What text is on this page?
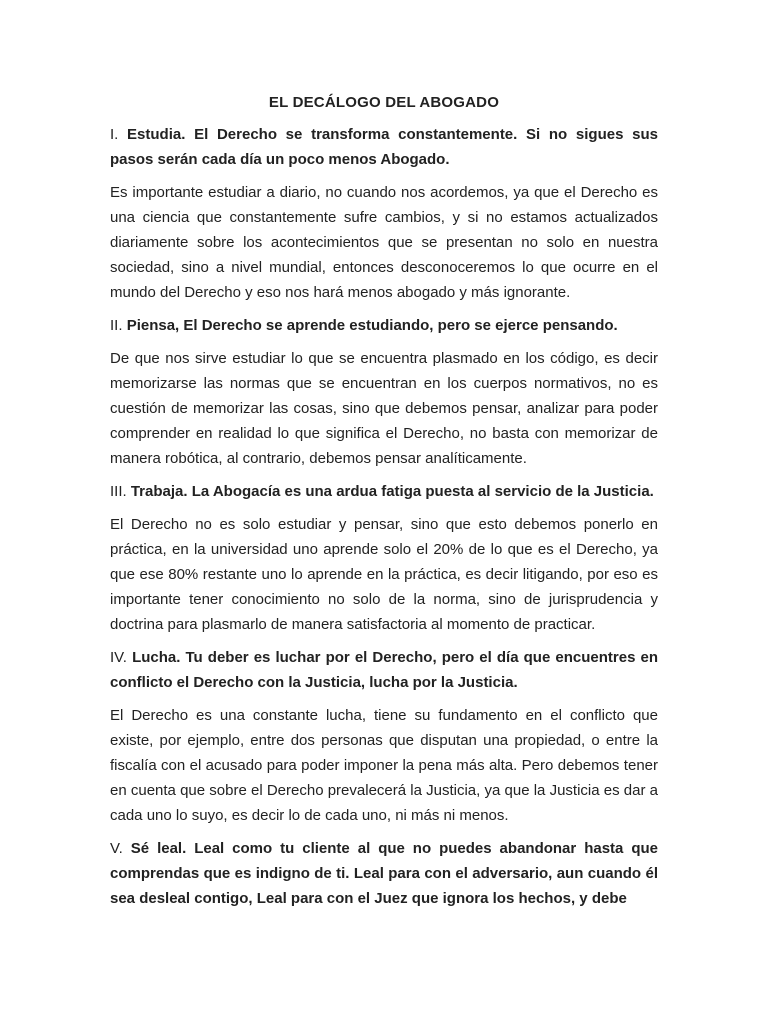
EL DECÁLOGO DEL ABOGADO
I. Estudia. El Derecho se transforma constantemente. Si no sigues sus pasos serán cada día un poco menos Abogado.
Es importante estudiar a diario, no cuando nos acordemos, ya que el Derecho es una ciencia que constantemente sufre cambios, y si no estamos actualizados diariamente sobre los acontecimientos que se presentan no solo en nuestra sociedad, sino a nivel mundial, entonces desconoceremos lo que ocurre en el mundo del Derecho y eso nos hará menos abogado y más ignorante.
II. Piensa, El Derecho se aprende estudiando, pero se ejerce pensando.
De que nos sirve estudiar lo que se encuentra plasmado en los código, es decir memorizarse las normas que se encuentran en los cuerpos normativos, no es cuestión de memorizar las cosas, sino que debemos pensar, analizar para poder comprender en realidad lo que significa el Derecho, no basta con memorizar de manera robótica, al contrario, debemos pensar analíticamente.
III. Trabaja. La Abogacía es una ardua fatiga puesta al servicio de la Justicia.
El Derecho no es solo estudiar y pensar, sino que esto debemos ponerlo en práctica, en la universidad uno aprende solo el 20% de lo que es el Derecho, ya que ese 80% restante uno lo aprende en la práctica, es decir litigando, por eso es importante tener conocimiento no solo de la norma, sino de jurisprudencia y doctrina para plasmarlo de manera satisfactoria al momento de practicar.
IV. Lucha. Tu deber es luchar por el Derecho, pero el día que encuentres en conflicto el Derecho con la Justicia, lucha por la Justicia.
El Derecho es una constante lucha, tiene su fundamento en el conflicto que existe, por ejemplo, entre dos personas que disputan una propiedad, o entre la fiscalía con el acusado para poder imponer la pena más alta. Pero debemos tener en cuenta que sobre el Derecho prevalecerá la Justicia, ya que la Justicia es dar a cada uno lo suyo, es decir lo de cada uno, ni más ni menos.
V. Sé leal. Leal como tu cliente al que no puedes abandonar hasta que comprendas que es indigno de ti. Leal para con el adversario, aun cuando él sea desleal contigo, Leal para con el Juez que ignora los hechos, y debe
